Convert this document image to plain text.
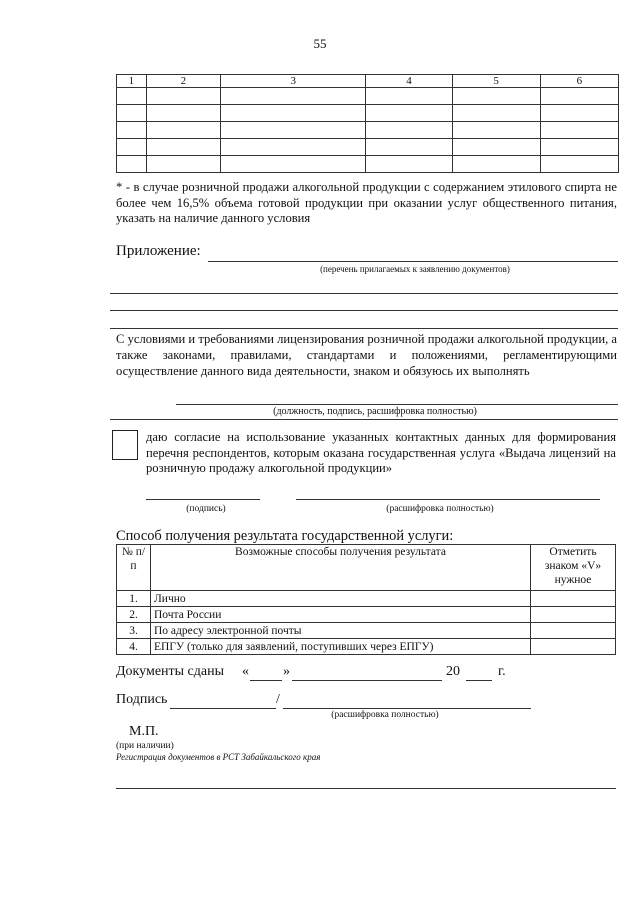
55
1	2	3	4	5	6

* - в случае розничной продажи алкогольной продукции с содержанием этилового спирта не более чем 16,5% объема готовой продукции при оказании услуг общественного питания, указать на наличие данного условия
Приложение:
(перечень прилагаемых к заявлению документов)
С условиями и требованиями лицензирования розничной продажи алкогольной продукции, а также законами, правилами, стандартами и положениями, регламентирующими осуществление данного вида деятельности, знаком и обязуюсь их выполнять
(должность, подпись, расшифровка полностью)
даю согласие на использование указанных контактных данных для формирования перечня респондентов, которым оказана государственная услуга «Выдача лицензий на розничную продажу алкогольной продукции»
(подпись)	(расшифровка полностью)
Способ получения результата государственной услуги:
№ п/п	Возможные способы получения результата	Отметить знаком «V» нужное
1.	Лично	
2.	Почта России	
3.	По адресу электронной почты	
4.	ЕПГУ (только для заявлений, поступивших через ЕПГУ)	
Документы сданы « »	20	г.
Подпись	/
(расшифровка полностью)
М.П.
(при наличии)
Регистрация документов в РСТ Забайкальского края
